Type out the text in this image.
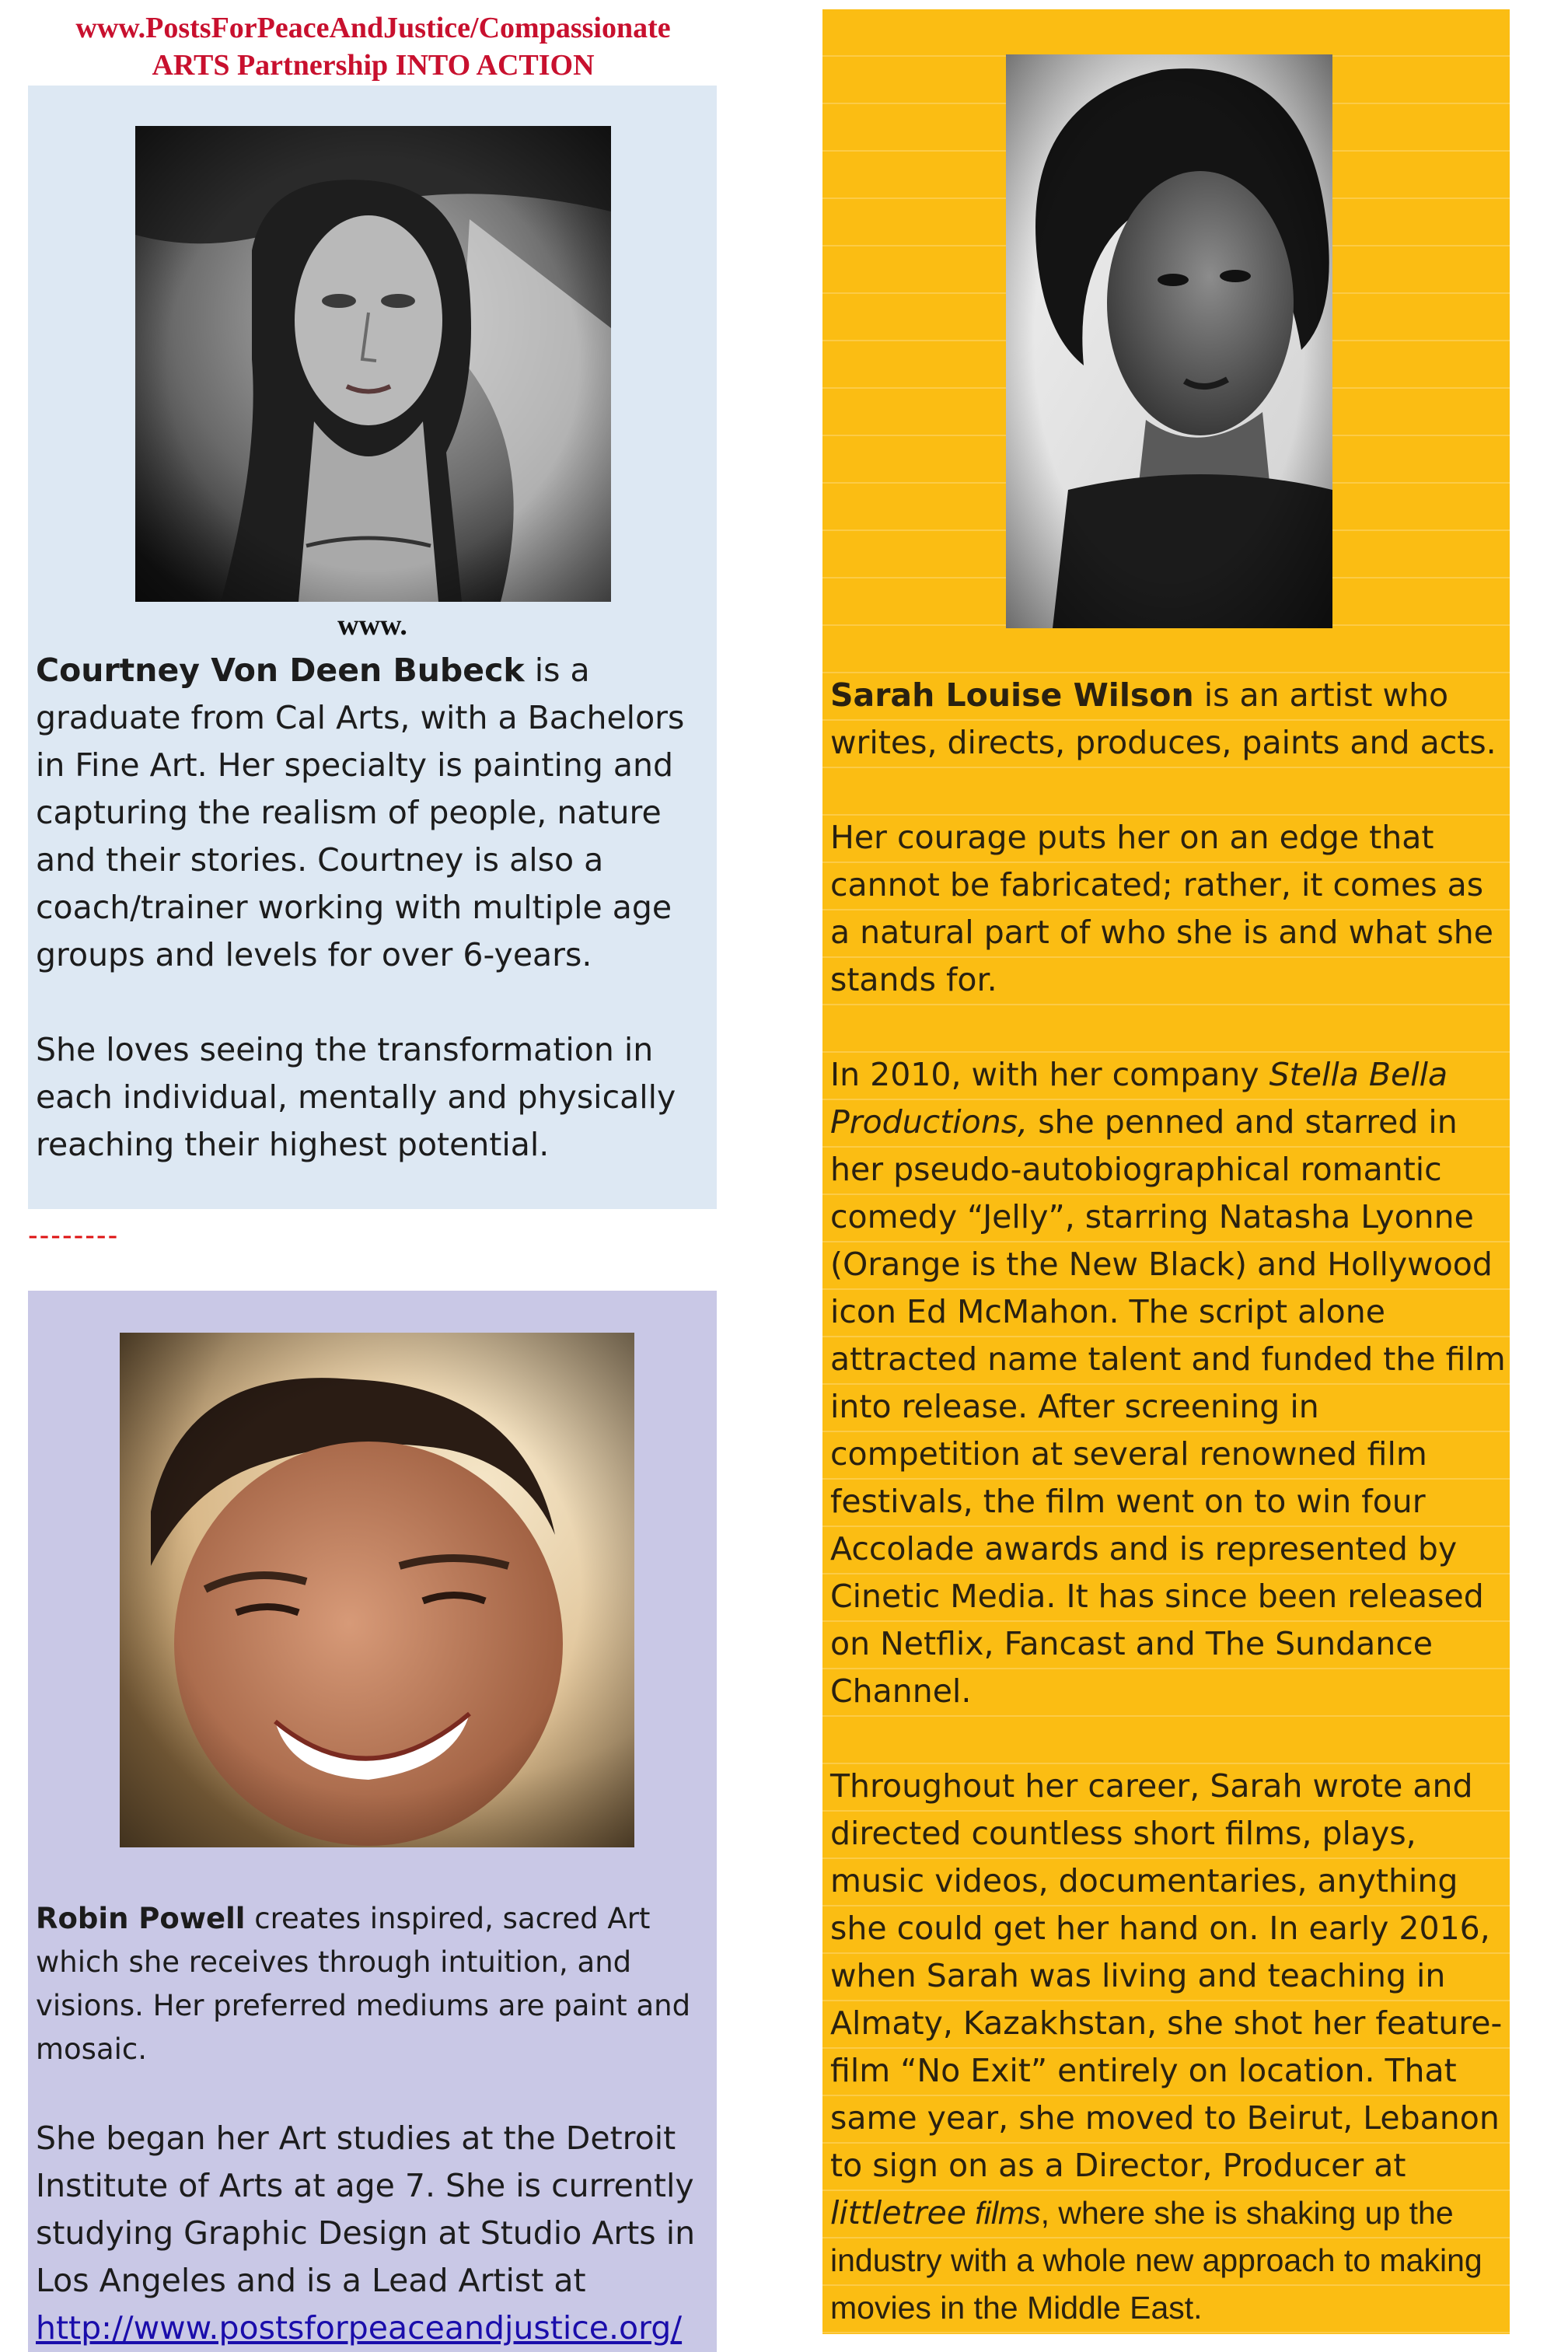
www.PostsForPeaceAndJustice/Compassionate
ARTS Partnership INTO ACTION
www.

Courtney Von Deen Bubeck is a graduate from Cal Arts, with a Bachelors in Fine Art. Her specialty is painting and capturing the realism of people, nature and their stories. Courtney is also a coach/trainer working with multiple age groups and levels for over 6-years.

She loves seeing the transformation in each individual, mentally and physically reaching their highest potential.

--------

Robin Powell creates inspired, sacred Art which she receives through intuition, and visions. Her preferred mediums are paint and mosaic.

She began her Art studies at the Detroit Institute of Arts at age 7. She is currently studying Graphic Design at Studio Arts in Los Angeles and is a Lead Artist at http://www.postsforpeaceandjustice.org/

Sarah Louise Wilson is an artist who writes, directs, produces, paints and acts.

Her courage puts her on an edge that cannot be fabricated; rather, it comes as a natural part of who she is and what she stands for.

In 2010, with her company Stella Bella Productions, she penned and starred in her pseudo-autobiographical romantic comedy “Jelly”, starring Natasha Lyonne (Orange is the New Black) and Hollywood icon Ed McMahon. The script alone attracted name talent and funded the film into release. After screening in competition at several renowned film festivals, the film went on to win four Accolade awards and is represented by Cinetic Media. It has since been released on Netflix, Fancast and The Sundance Channel.

Throughout her career, Sarah wrote and directed countless short films, plays, music videos, documentaries, anything she could get her hand on. In early 2016, when Sarah was living and teaching in Almaty, Kazakhstan, she shot her feature-film “No Exit” entirely on location. That same year, she moved to Beirut, Lebanon to sign on as a Director, Producer at littletree films, where she is shaking up the industry with a whole new approach to making movies in the Middle East.
